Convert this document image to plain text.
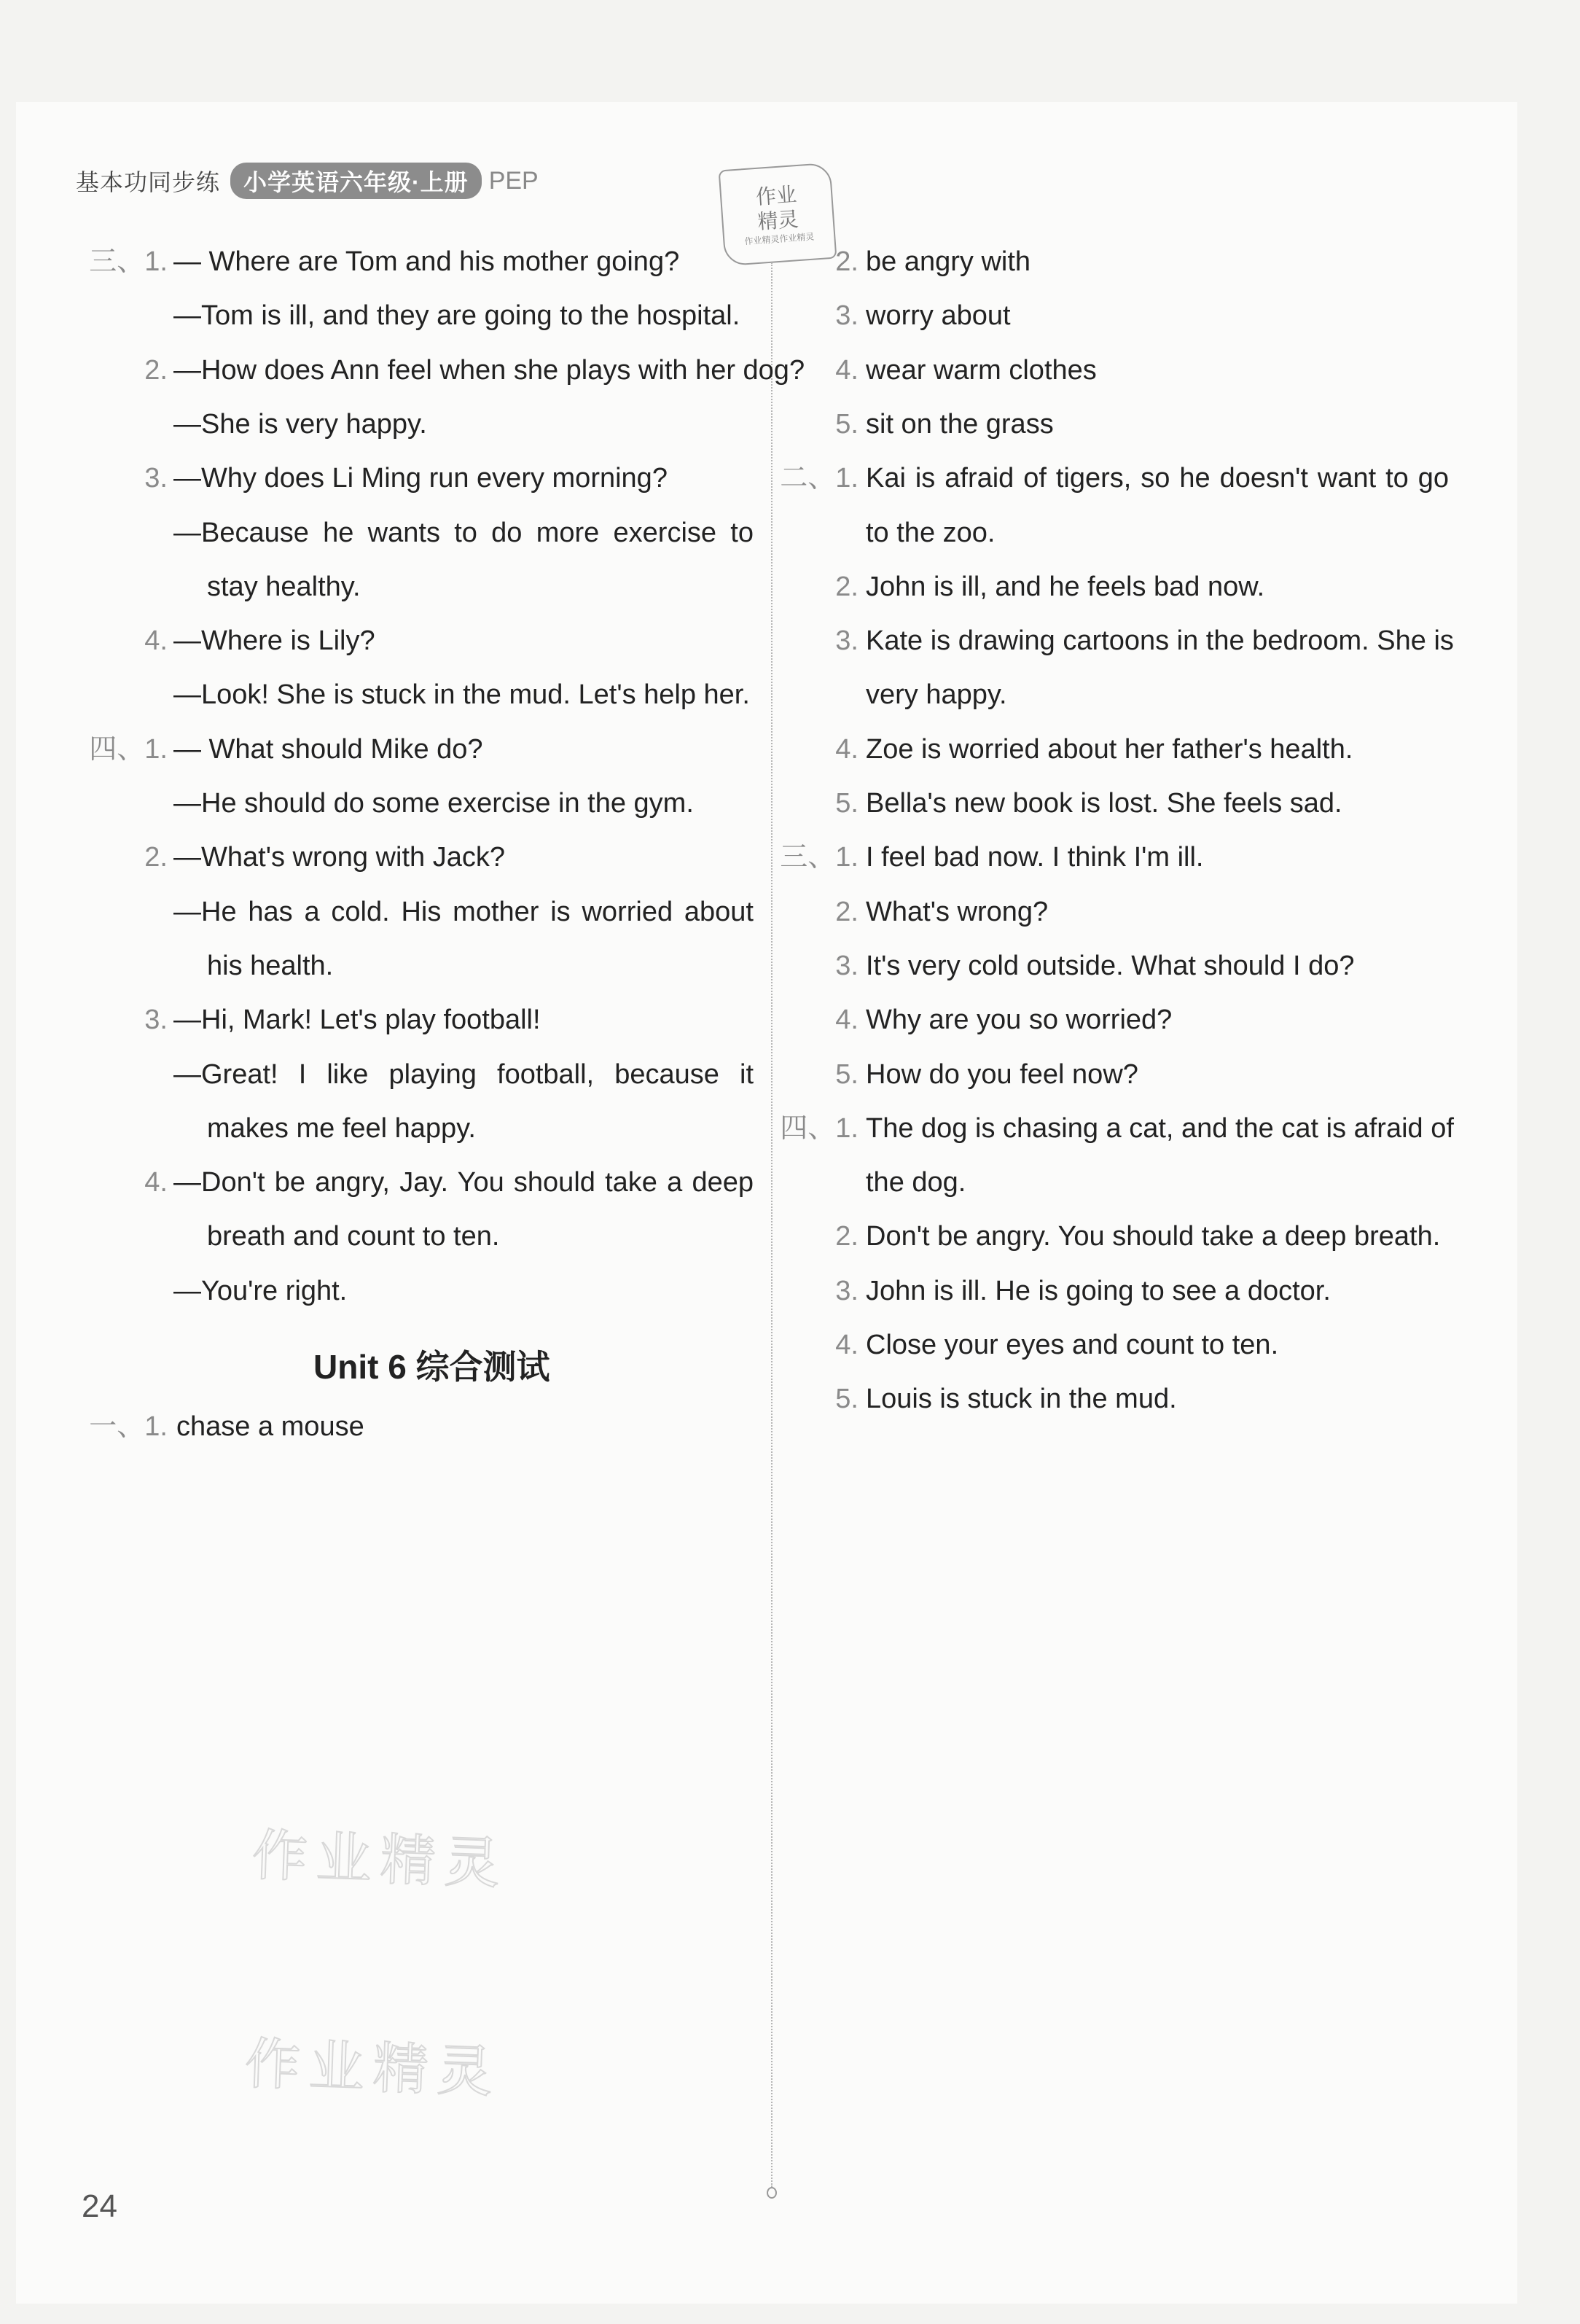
基本功同步练	小学英语六年级·上册 PEP
作业
精灵
作业精灵作业精灵
三、1. — Where are Tom and his mother going?
—Tom is ill, and they are going to the hospital.
2. —How does Ann feel when she plays with her dog?
—She is very happy.
3. —Why does Li Ming run every morning?
—Because he wants to do more exercise to
stay healthy.
4. —Where is Lily?
—Look! She is stuck in the mud. Let's help her.
四、1. — What should Mike do?
—He should do some exercise in the gym.
2. —What's wrong with Jack?
—He has a cold. His mother is worried about
his health.
3. —Hi, Mark! Let's play football!
—Great! I like playing football, because it
makes me feel happy.
4. —Don't be angry, Jay. You should take a deep
breath and count to ten.
—You're right.
一、1. chase a mouse
2. be angry with
3. worry about
4. wear warm clothes
5. sit on the grass
二、1. Kai is afraid of tigers, so he doesn't want to go
to the zoo.
2. John is ill, and he feels bad now.
3. Kate is drawing cartoons in the bedroom. She is
very happy.
4. Zoe is worried about her father's health.
5. Bella's new book is lost. She feels sad.
三、1. I feel bad now. I think I'm ill.
2. What's wrong?
3. It's very cold outside. What should I do?
4. Why are you so worried?
5. How do you feel now?
四、1. The dog is chasing a cat, and the cat is afraid of
the dog.
2. Don't be angry. You should take a deep breath.
3. John is ill. He is going to see a doctor.
4. Close your eyes and count to ten.
5. Louis is stuck in the mud.
Unit 6 综合测试
作业精灵
作业精灵
24
